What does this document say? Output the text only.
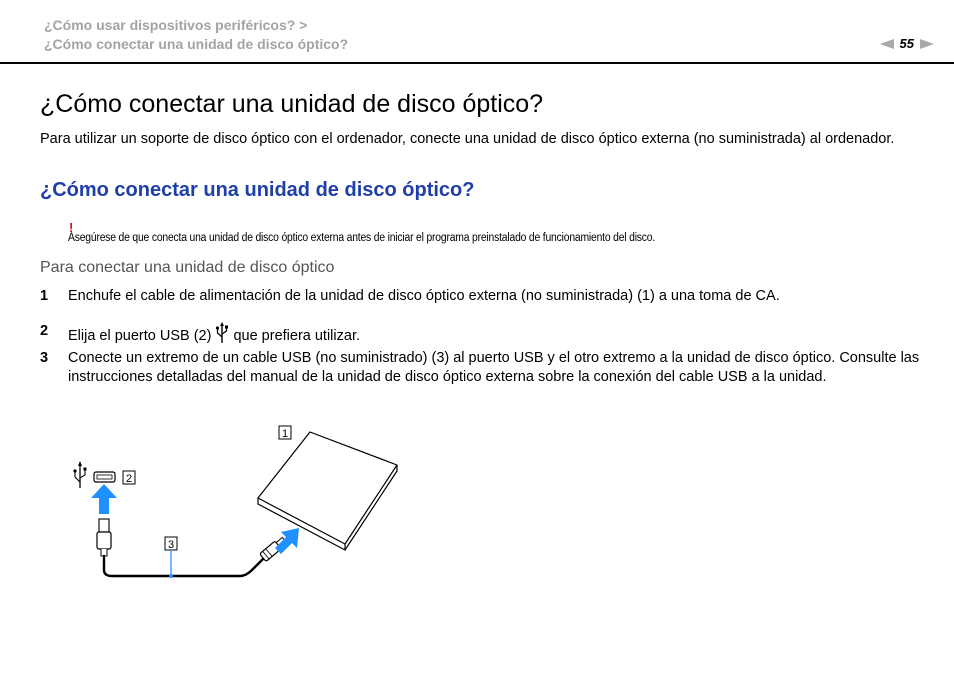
¿Cómo usar dispositivos periféricos? >
¿Cómo conectar una unidad de disco óptico?	55
¿Cómo conectar una unidad de disco óptico?

Para utilizar un soporte de disco óptico con el ordenador, conecte una unidad de disco óptico externa (no suministrada) al ordenador.

¿Cómo conectar una unidad de disco óptico?
!
Asegúrese de que conecta una unidad de disco óptico externa antes de iniciar el programa preinstalado de funcionamiento del disco.
Para conectar una unidad de disco óptico
1	Enchufe el cable de alimentación de la unidad de disco óptico externa (no suministrada) (1) a una toma de CA.
2	Elija el puerto USB (2) que prefiera utilizar.
3	Conecte un extremo de un cable USB (no suministrado) (3) al puerto USB y el otro extremo a la unidad de disco óptico. Consulte las instrucciones detalladas del manual de la unidad de disco óptico externa sobre la conexión del cable USB a la unidad.
1
2
3
